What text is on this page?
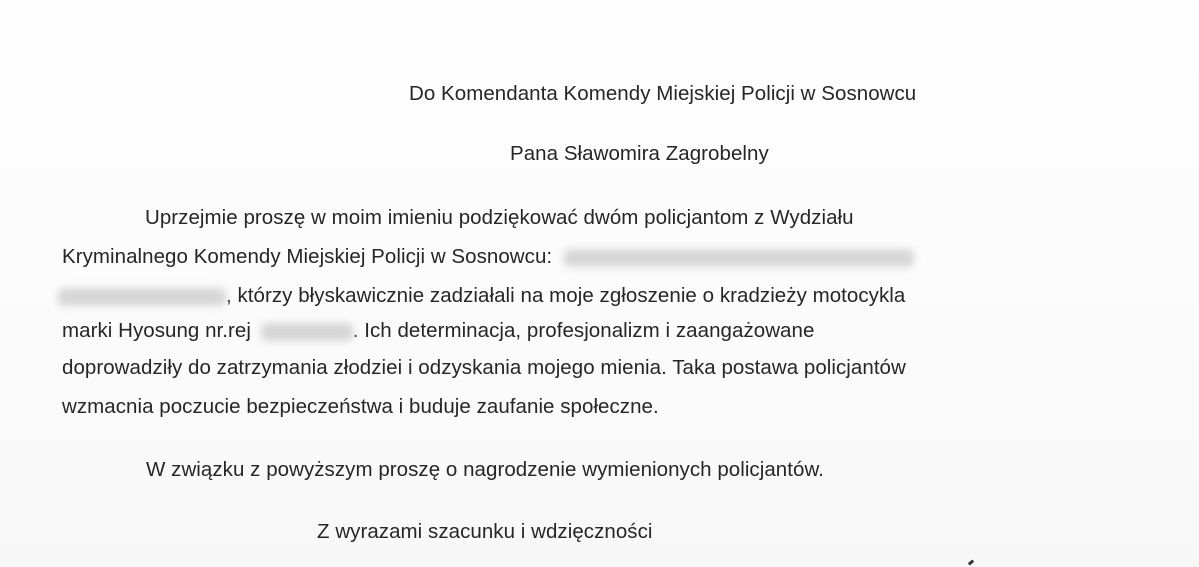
Do Komendanta Komendy Miejskiej Policji w Sosnowcu
Pana Sławomira Zagrobelny
Uprzejmie proszę w moim imieniu podziękować dwóm policjantom z Wydziału
Kryminalnego Komendy Miejskiej Policji w Sosnowcu:
, którzy błyskawicznie zadziałali na moje zgłoszenie o kradzieży motocykla
marki Hyosung nr.rej	. Ich determinacja, profesjonalizm i zaangażowane
doprowadziły do zatrzymania złodziei i odzyskania mojego mienia. Taka postawa policjantów
wzmacnia poczucie bezpieczeństwa i buduje zaufanie społeczne.
W związku z powyższym proszę o nagrodzenie wymienionych policjantów.
Z wyrazami szacunku i wdzięczności
